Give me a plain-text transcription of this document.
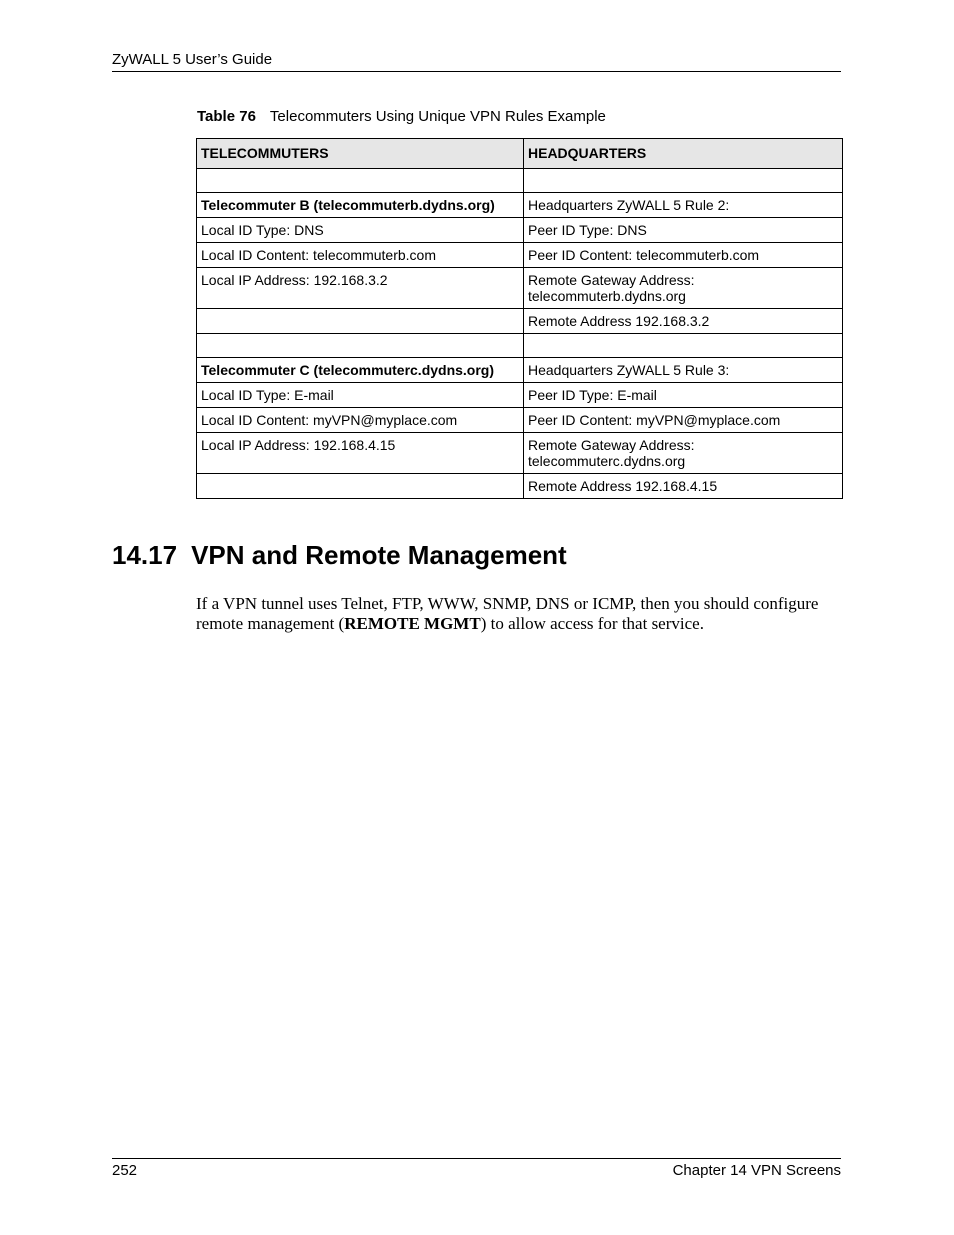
ZyWALL 5 User’s Guide
Table 76 Telecommuters Using Unique VPN Rules Example
TELECOMMUTERS	HEADQUARTERS

Telecommuter B (telecommuterb.dydns.org)	Headquarters ZyWALL 5 Rule 2:
Local ID Type: DNS	Peer ID Type: DNS
Local ID Content: telecommuterb.com	Peer ID Content: telecommuterb.com
Local IP Address: 192.168.3.2	Remote Gateway Address:
telecommuterb.dydns.org

	Remote Address 192.168.3.2

Telecommuter C (telecommuterc.dydns.org)	Headquarters ZyWALL 5 Rule 3:
Local ID Type: E-mail	Peer ID Type: E-mail
Local ID Content: myVPN@myplace.com	Peer ID Content: myVPN@myplace.com
Local IP Address: 192.168.4.15	Remote Gateway Address:
telecommuterc.dydns.org

	Remote Address 192.168.4.15
14.17 VPN and Remote Management
If a VPN tunnel uses Telnet, FTP, WWW, SNMP, DNS or ICMP, then you should configure remote management (REMOTE MGMT) to allow access for that service.
252	Chapter 14 VPN Screens
